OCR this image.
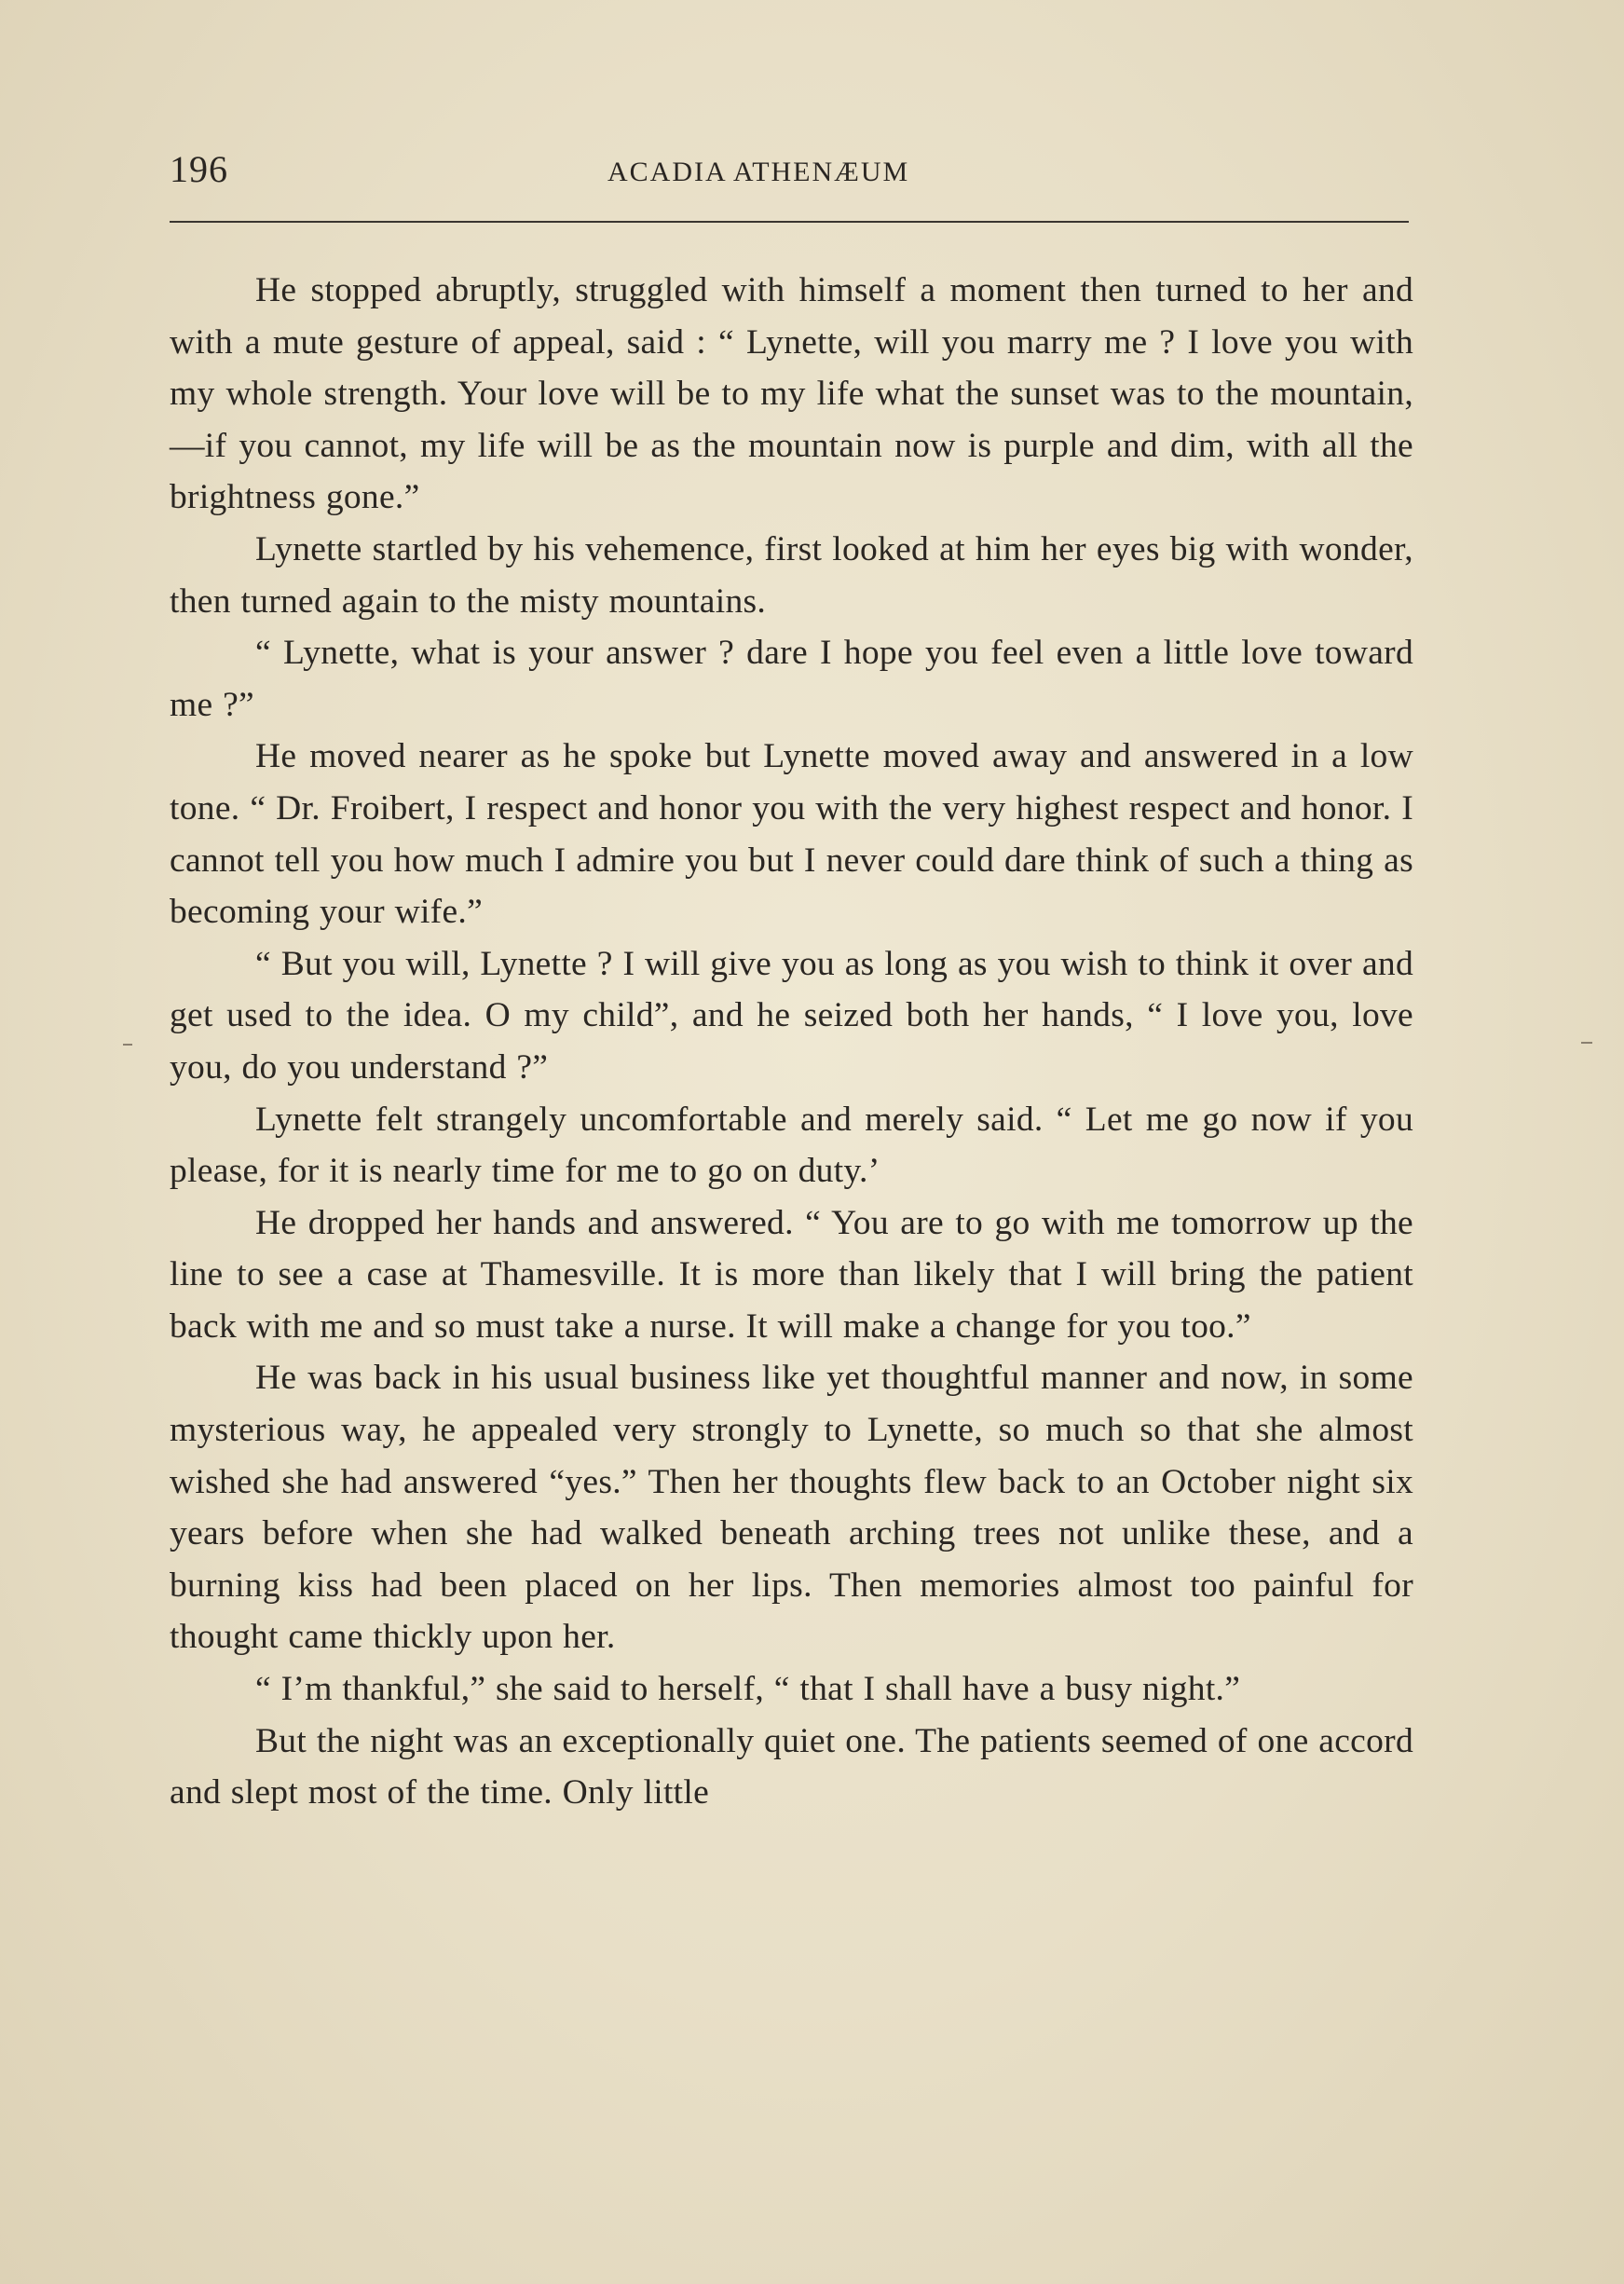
196	ACADIA ATHENÆUM

He stopped abruptly, struggled with himself a moment then turned to her and with a mute gesture of appeal, said : “ Lynette, will you marry me ? I love you with my whole strength. Your love will be to my life what the sunset was to the mountain,—if you cannot, my life will be as the mountain now is purple and dim, with all the brightness gone.”

Lynette startled by his vehemence, first looked at him her eyes big with wonder, then turned again to the misty mountains.

“ Lynette, what is your answer ? dare I hope you feel even a little love toward me ?”

He moved nearer as he spoke but Lynette moved away and answered in a low tone. “ Dr. Froibert, I respect and honor you with the very highest respect and honor. I cannot tell you how much I admire you but I never could dare think of such a thing as becoming your wife.”

“ But you will, Lynette ? I will give you as long as you wish to think it over and get used to the idea. O my child”, and he seized both her hands, “ I love you, love you, do you understand ?”

Lynette felt strangely uncomfortable and merely said. “ Let me go now if you please, for it is nearly time for me to go on duty.’

He dropped her hands and answered. “ You are to go with me tomorrow up the line to see a case at Thamesville. It is more than likely that I will bring the patient back with me and so must take a nurse. It will make a change for you too.”

He was back in his usual business like yet thoughtful manner and now, in some mysterious way, he appealed very strongly to Lynette, so much so that she almost wished she had answered “yes.” Then her thoughts flew back to an October night six years before when she had walked beneath arching trees not unlike these, and a burning kiss had been placed on her lips. Then memories almost too painful for thought came thickly upon her.

“ I’m thankful,” she said to herself, “ that I shall have a busy night.”

But the night was an exceptionally quiet one. The patients seemed of one accord and slept most of the time. Only little
